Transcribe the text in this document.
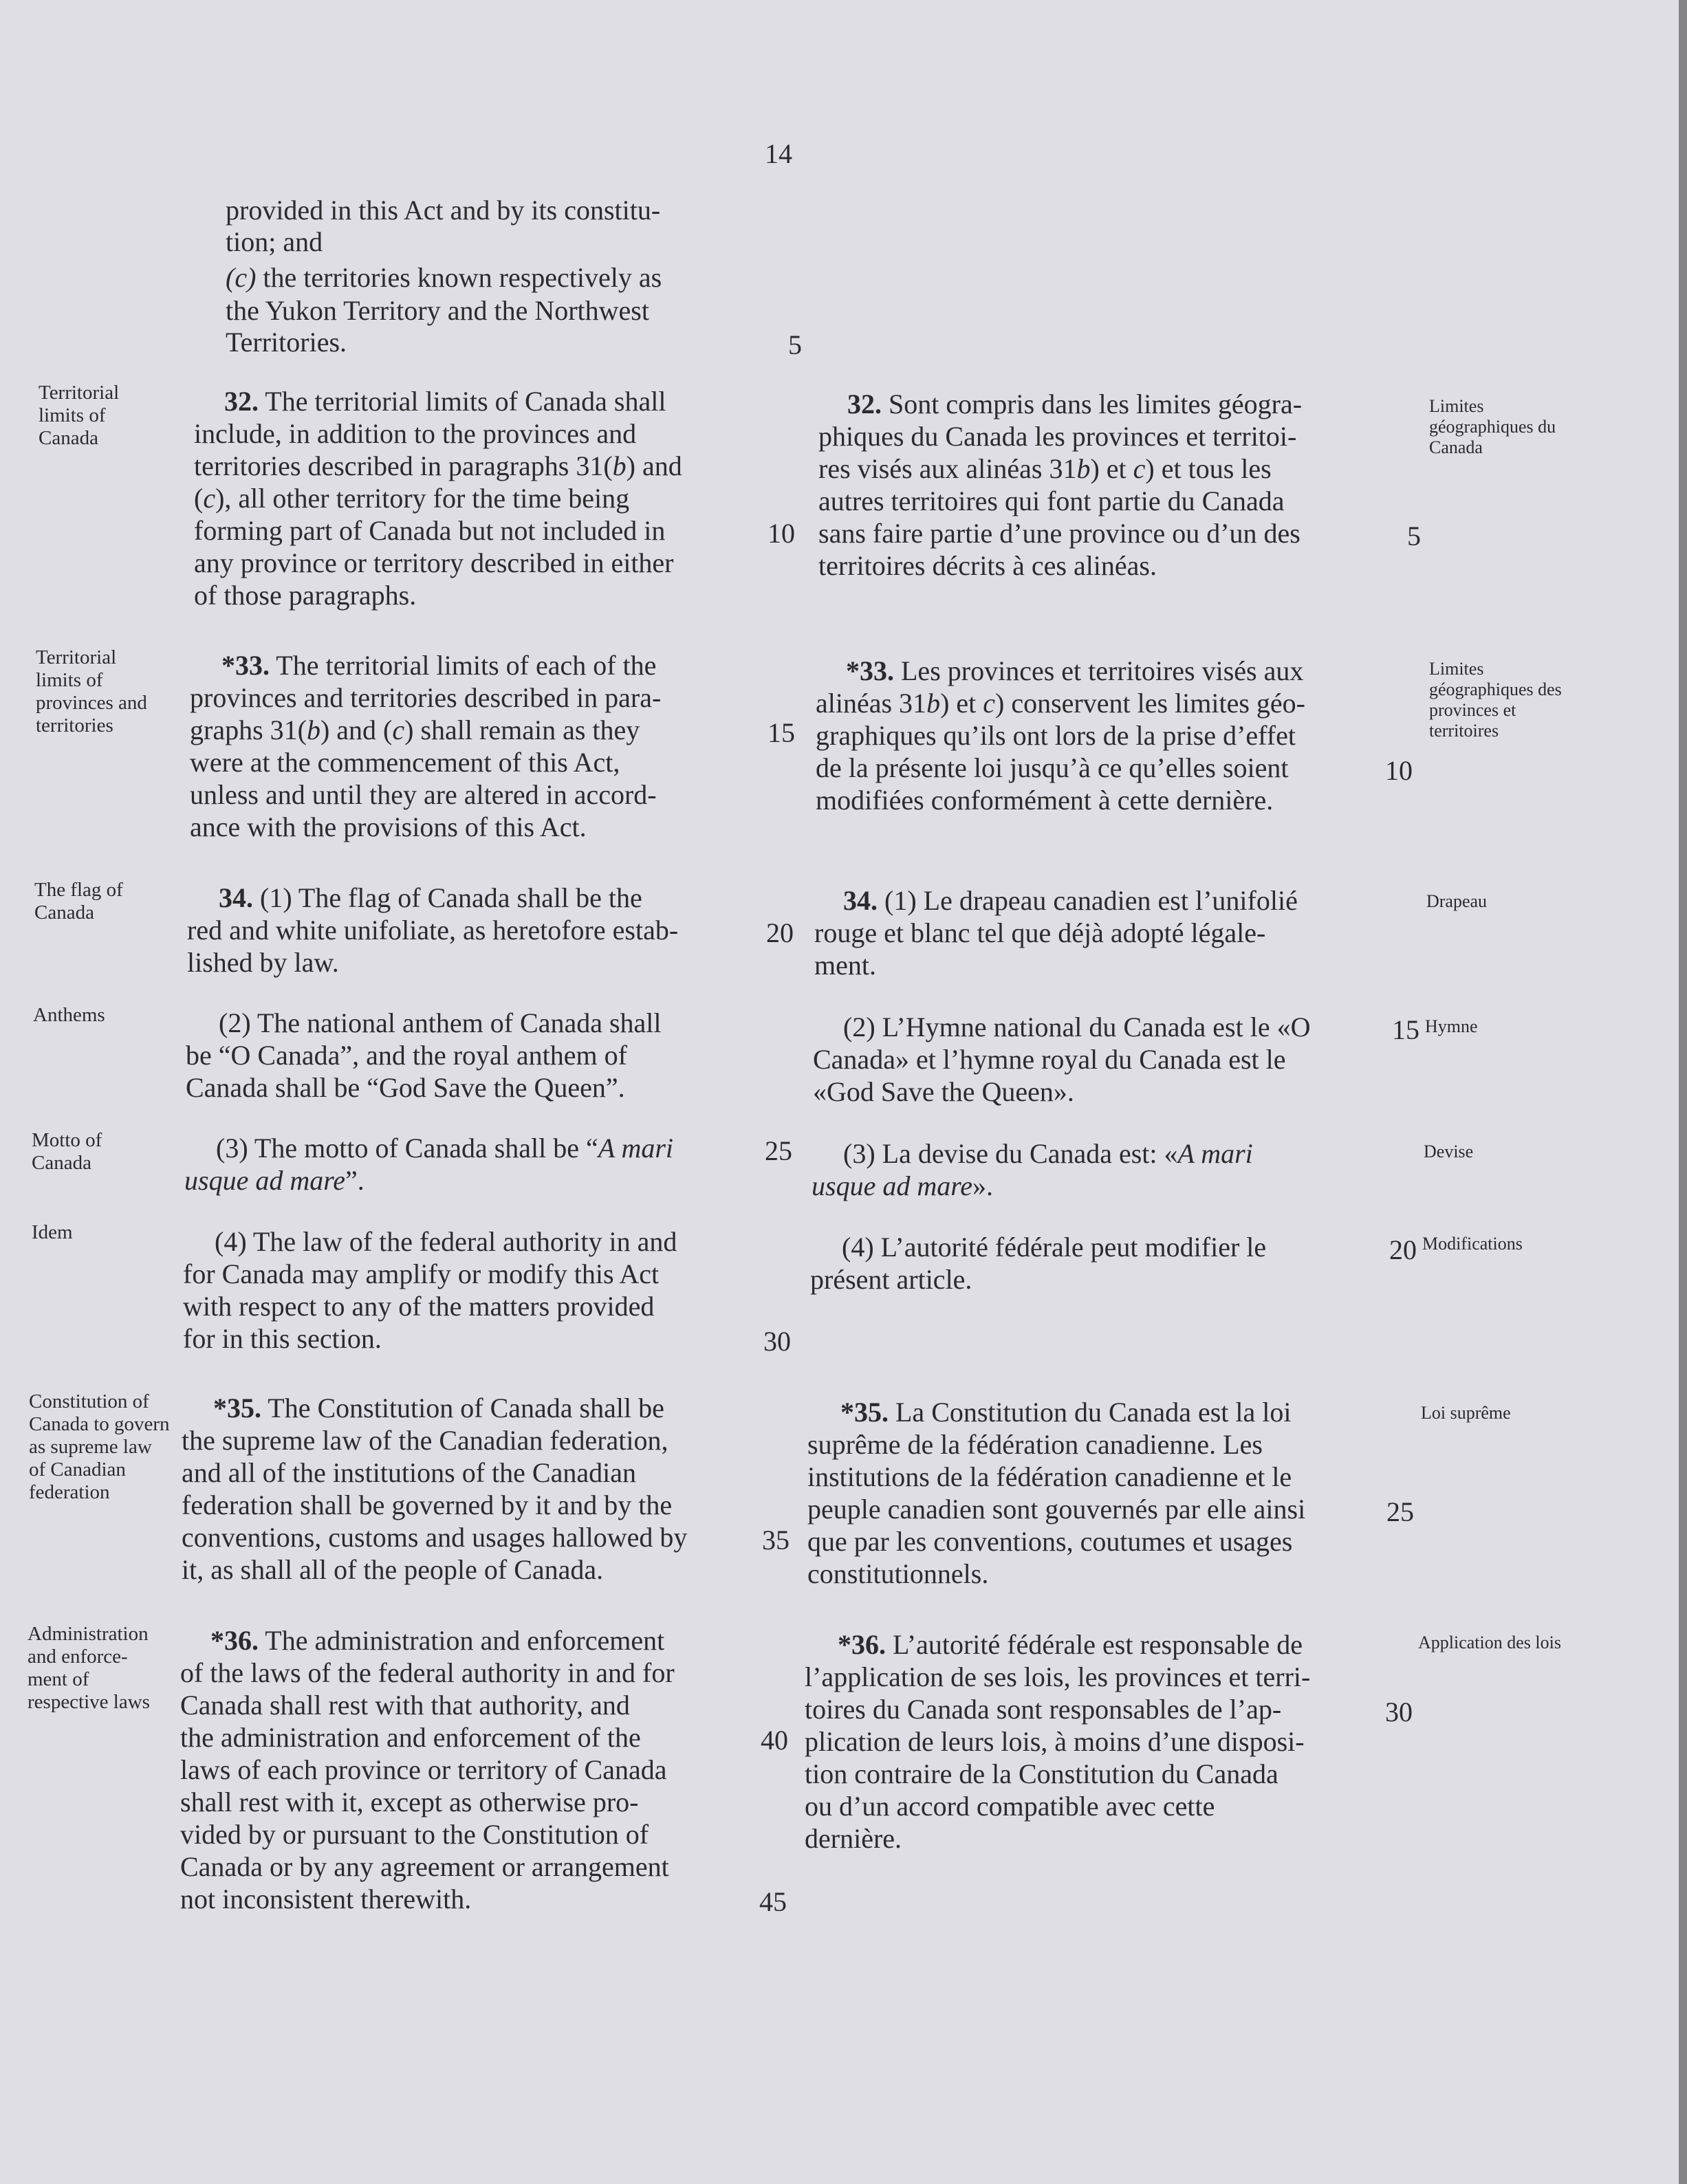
14
Territorial limits of Canada
Territorial limits of provinces and territories
The flag of Canada
Anthems
Motto of Canada
Idem
Constitution of Canada to govern as supreme law of Canadian federation
Administration and enforce- ment of respective laws
Limites géographiques du Canada
Limites géographiques des provinces et territoires
Drapeau
Hymne
Devise
Modifications
Loi suprême
Application des lois
provided in this Act and by its constitu-
tion; and
(c) the territories known respectively as
the Yukon Territory and the Northwest
Territories.
32. The territorial limits of Canada shall
include, in addition to the provinces and
territories described in paragraphs 31(b) and
(c), all other territory for the time being
forming part of Canada but not included in
any province or territory described in either
of those paragraphs.
*33. The territorial limits of each of the
provinces and territories described in para-
graphs 31(b) and (c) shall remain as they
were at the commencement of this Act,
unless and until they are altered in accord-
ance with the provisions of this Act.
34. (1) The flag of Canada shall be the
red and white unifoliate, as heretofore estab-
lished by law.
(2) The national anthem of Canada shall
be “O Canada”, and the royal anthem of
Canada shall be “God Save the Queen”.
(3) The motto of Canada shall be “A mari
usque ad mare”.
(4) The law of the federal authority in and
for Canada may amplify or modify this Act
with respect to any of the matters provided
for in this section.
*35. The Constitution of Canada shall be
the supreme law of the Canadian federation,
and all of the institutions of the Canadian
federation shall be governed by it and by the
conventions, customs and usages hallowed by
it, as shall all of the people of Canada.
*36. The administration and enforcement
of the laws of the federal authority in and for
Canada shall rest with that authority, and
the administration and enforcement of the
laws of each province or territory of Canada
shall rest with it, except as otherwise pro-
vided by or pursuant to the Constitution of
Canada or by any agreement or arrangement
not inconsistent therewith.
5
10
15
20
25
30
35
40
45
32. Sont compris dans les limites géogra-
phiques du Canada les provinces et territoi-
res visés aux alinéas 31b) et c) et tous les
autres territoires qui font partie du Canada
sans faire partie d’une province ou d’un des
territoires décrits à ces alinéas.
*33. Les provinces et territoires visés aux
alinéas 31b) et c) conservent les limites géo-
graphiques qu’ils ont lors de la prise d’effet
de la présente loi jusqu’à ce qu’elles soient
modifiées conformément à cette dernière.
34. (1) Le drapeau canadien est l’unifolié
rouge et blanc tel que déjà adopté légale-
ment.
(2) L’Hymne national du Canada est le «O
Canada» et l’hymne royal du Canada est le
«God Save the Queen».
(3) La devise du Canada est: «A mari
usque ad mare».
(4) L’autorité fédérale peut modifier le
présent article.
*35. La Constitution du Canada est la loi
suprême de la fédération canadienne. Les
institutions de la fédération canadienne et le
peuple canadien sont gouvernés par elle ainsi
que par les conventions, coutumes et usages
constitutionnels.
*36. L’autorité fédérale est responsable de
l’application de ses lois, les provinces et terri-
toires du Canada sont responsables de l’ap-
plication de leurs lois, à moins d’une disposi-
tion contraire de la Constitution du Canada
ou d’un accord compatible avec cette
dernière.
5
10
15
20
25
30
